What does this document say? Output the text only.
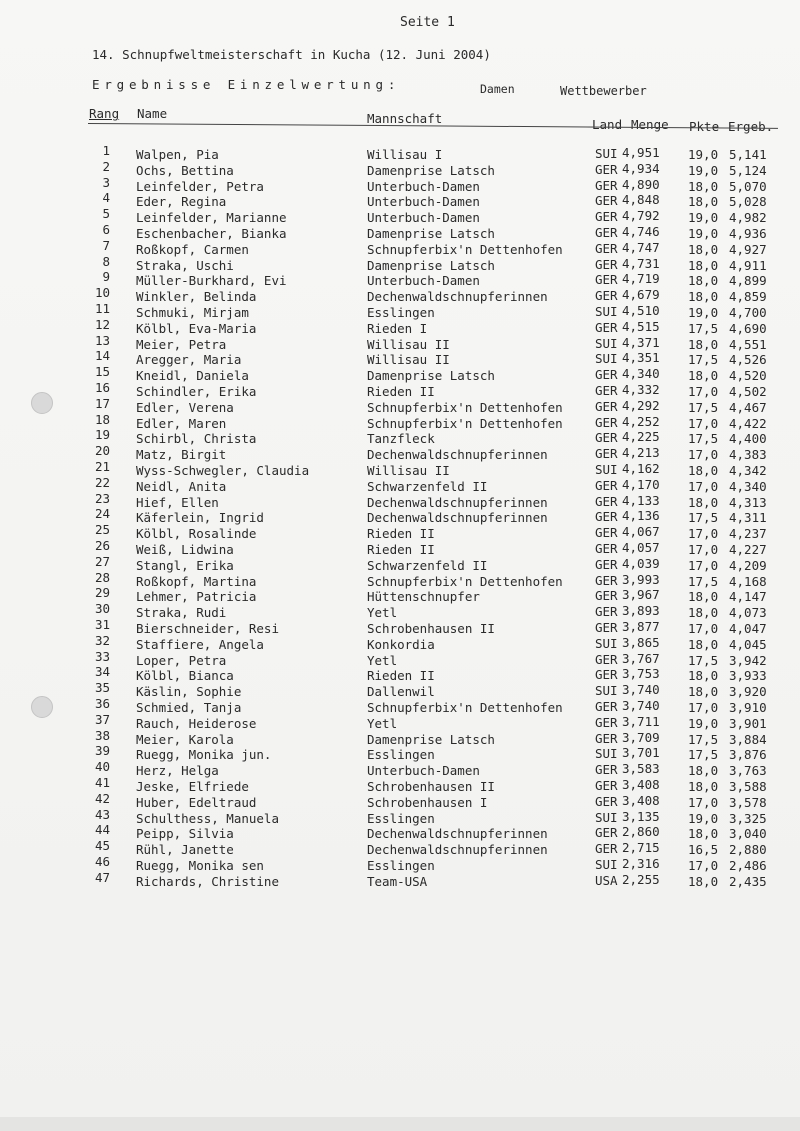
Seite 1
14. Schnupfweltmeisterschaft in Kucha (12. Juni 2004)
Ergebnisse Einzelwertung:	Damen	Wettbewerber
Rang Name	Mannschaft	Land Menge Pkte Ergeb.
1 Walpen, Pia	Willisau I	SUI 4,951 19,0 5,141
2 Ochs, Bettina	Damenprise Latsch	GER 4,934 19,0 5,124
3 Leinfelder, Petra	Unterbuch-Damen	GER 4,890 18,0 5,070
4 Eder, Regina	Unterbuch-Damen	GER 4,848 18,0 5,028
5 Leinfelder, Marianne	Unterbuch-Damen	GER 4,792 19,0 4,982
6 Eschenbacher, Bianka	Damenprise Latsch	GER 4,746 19,0 4,936
7 Roßkopf, Carmen	Schnupferbix'n Dettenhofen	GER 4,747 18,0 4,927
8 Straka, Uschi	Damenprise Latsch	GER 4,731 18,0 4,911
9 Müller-Burkhard, Evi	Unterbuch-Damen	GER 4,719 18,0 4,899
10 Winkler, Belinda	Dechenwaldschnupferinnen	GER 4,679 18,0 4,859
11 Schmuki, Mirjam	Esslingen	SUI 4,510 19,0 4,700
12 Kölbl, Eva-Maria	Rieden I	GER 4,515 17,5 4,690
13 Meier, Petra	Willisau II	SUI 4,371 18,0 4,551
14 Aregger, Maria	Willisau II	SUI 4,351 17,5 4,526
15 Kneidl, Daniela	Damenprise Latsch	GER 4,340 18,0 4,520
16 Schindler, Erika	Rieden II	GER 4,332 17,0 4,502
17 Edler, Verena	Schnupferbix'n Dettenhofen	GER 4,292 17,5 4,467
18 Edler, Maren	Schnupferbix'n Dettenhofen	GER 4,252 17,0 4,422
19 Schirbl, Christa	Tanzfleck	GER 4,225 17,5 4,400
20 Matz, Birgit	Dechenwaldschnupferinnen	GER 4,213 17,0 4,383
21 Wyss-Schwegler, Claudia	Willisau II	SUI 4,162 18,0 4,342
22 Neidl, Anita	Schwarzenfeld II	GER 4,170 17,0 4,340
23 Hief, Ellen	Dechenwaldschnupferinnen	GER 4,133 18,0 4,313
24 Käferlein, Ingrid	Dechenwaldschnupferinnen	GER 4,136 17,5 4,311
25 Kölbl, Rosalinde	Rieden II	GER 4,067 17,0 4,237
26 Weiß, Lidwina	Rieden II	GER 4,057 17,0 4,227
27 Stangl, Erika	Schwarzenfeld II	GER 4,039 17,0 4,209
28 Roßkopf, Martina	Schnupferbix'n Dettenhofen	GER 3,993 17,5 4,168
29 Lehmer, Patricia	Hüttenschnupfer	GER 3,967 18,0 4,147
30 Straka, Rudi	Yetl	GER 3,893 18,0 4,073
31 Bierschneider, Resi	Schrobenhausen II	GER 3,877 17,0 4,047
32 Staffiere, Angela	Konkordia	SUI 3,865 18,0 4,045
33 Loper, Petra	Yetl	GER 3,767 17,5 3,942
34 Kölbl, Bianca	Rieden II	GER 3,753 18,0 3,933
35 Käslin, Sophie	Dallenwil	SUI 3,740 18,0 3,920
36 Schmied, Tanja	Schnupferbix'n Dettenhofen	GER 3,740 17,0 3,910
37 Rauch, Heiderose	Yetl	GER 3,711 19,0 3,901
38 Meier, Karola	Damenprise Latsch	GER 3,709 17,5 3,884
39 Ruegg, Monika jun.	Esslingen	SUI 3,701 17,5 3,876
40 Herz, Helga	Unterbuch-Damen	GER 3,583 18,0 3,763
41 Jeske, Elfriede	Schrobenhausen II	GER 3,408 18,0 3,588
42 Huber, Edeltraud	Schrobenhausen I	GER 3,408 17,0 3,578
43 Schulthess, Manuela	Esslingen	SUI 3,135 19,0 3,325
44 Peipp, Silvia	Dechenwaldschnupferinnen	GER 2,860 18,0 3,040
45 Rühl, Janette	Dechenwaldschnupferinnen	GER 2,715 16,5 2,880
46 Ruegg, Monika sen	Esslingen	SUI 2,316 17,0 2,486
47 Richards, Christine	Team-USA	USA 2,255 18,0 2,435
